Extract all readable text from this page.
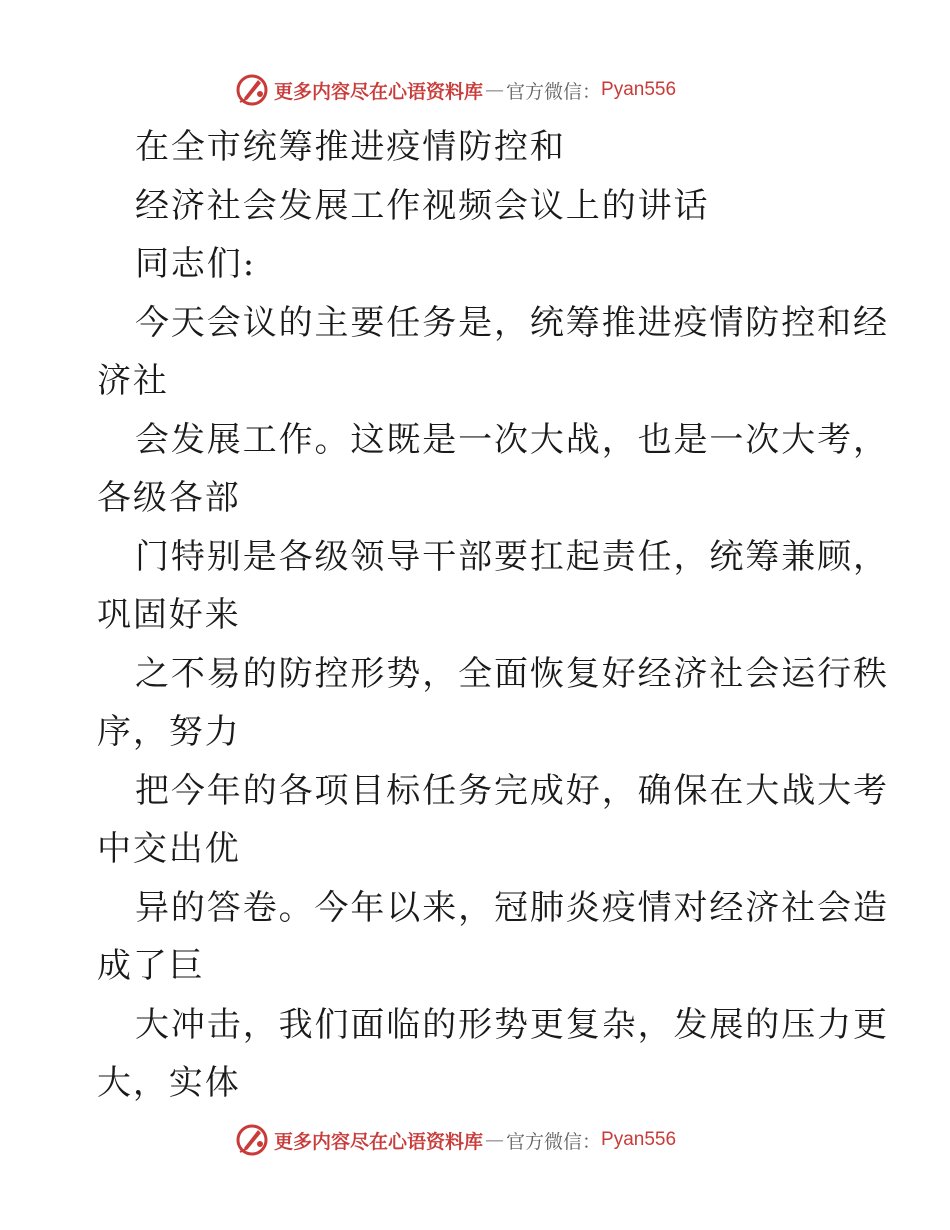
更多内容尽在心语资料库 — 官方微信： Pyan556
在全市统筹推进疫情防控和
经济社会发展工作视频会议上的讲话
同志们:
今天会议的主要任务是，统筹推进疫情防控和经
济社
会发展工作。这既是一次大战，也是一次大考，
各级各部
门特别是各级领导干部要扛起责任，统筹兼顾，
巩固好来
之不易的防控形势，全面恢复好经济社会运行秩
序，努力
把今年的各项目标任务完成好，确保在大战大考
中交出优
异的答卷。今年以来，冠肺炎疫情对经济社会造
成了巨
大冲击，我们面临的形势更复杂，发展的压力更
大，实体
更多内容尽在心语资料库 — 官方微信： Pyan556
